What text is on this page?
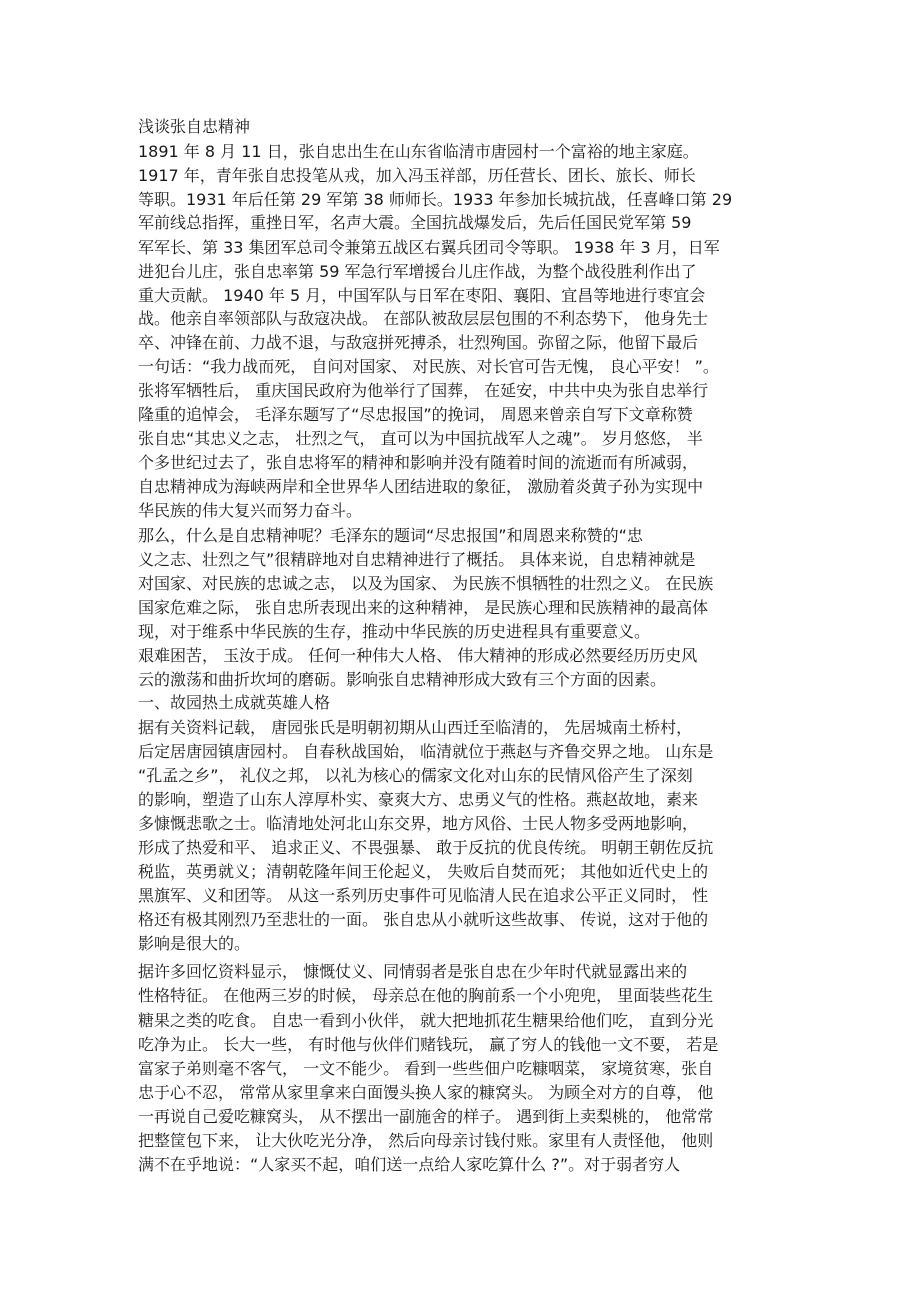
浅谈张自忠精神
1891 年 8 月 11 日，张自忠出生在山东省临清市唐园村一个富裕的地主家庭。
1917 年，青年张自忠投笔从戎，加入冯玉祥部，历任营长、团长、旅长、师长
等职。1931 年后任第 29 军第 38 师师长。1933 年参加长城抗战，任喜峰口第 29
军前线总指挥，重挫日军，名声大震。全国抗战爆发后，先后任国民党军第 59
军军长、第 33 集团军总司令兼第五战区右翼兵团司令等职。 1938 年 3 月，日军
进犯台儿庄，张自忠率第 59 军急行军增援台儿庄作战，为整个战役胜利作出了
重大贡献。 1940 年 5 月，中国军队与日军在枣阳、襄阳、宜昌等地进行枣宜会
战。他亲自率领部队与敌寇决战。 在部队被敌层层包围的不利态势下， 他身先士
卒、冲锋在前、力战不退，与敌寇拼死搏杀，壮烈殉国。弥留之际，他留下最后
一句话：“我力战而死， 自问对国家、 对民族、对长官可告无愧， 良心平安！ ”。
张将军牺牲后， 重庆国民政府为他举行了国葬， 在延安，中共中央为张自忠举行
隆重的追悼会， 毛泽东题写了“尽忠报国”的挽词， 周恩来曾亲自写下文章称赞
张自忠“其忠义之志， 壮烈之气， 直可以为中国抗战军人之魂”。 岁月悠悠， 半
个多世纪过去了，张自忠将军的精神和影响并没有随着时间的流逝而有所减弱，
自忠精神成为海峡两岸和全世界华人团结进取的象征， 激励着炎黄子孙为实现中
华民族的伟大复兴而努力奋斗。
那么，什么是自忠精神呢？毛泽东的题词“尽忠报国”和周恩来称赞的“忠
义之志、壮烈之气”很精辟地对自忠精神进行了概括。 具体来说，自忠精神就是
对国家、对民族的忠诚之志， 以及为国家、 为民族不惧牺牲的壮烈之义。 在民族
国家危难之际， 张自忠所表现出来的这种精神， 是民族心理和民族精神的最高体
现，对于维系中华民族的生存，推动中华民族的历史进程具有重要意义。
艰难困苦， 玉汝于成。 任何一种伟大人格、 伟大精神的形成必然要经历历史风
云的激荡和曲折坎坷的磨砺。影响张自忠精神形成大致有三个方面的因素。
一、故园热土成就英雄人格
据有关资料记载， 唐园张氏是明朝初期从山西迁至临清的， 先居城南土桥村，
后定居唐园镇唐园村。 自春秋战国始， 临清就位于燕赵与齐鲁交界之地。 山东是
“孔孟之乡”， 礼仪之邦， 以礼为核心的儒家文化对山东的民情风俗产生了深刻
的影响，塑造了山东人淳厚朴实、豪爽大方、忠勇义气的性格。燕赵故地，素来
多慷慨悲歌之士。临清地处河北山东交界，地方风俗、士民人物多受两地影响，
形成了热爱和平、 追求正义、不畏强暴、 敢于反抗的优良传统。 明朝王朝佐反抗
税监，英勇就义；清朝乾隆年间王伦起义， 失败后自焚而死； 其他如近代史上的
黑旗军、义和团等。 从这一系列历史事件可见临清人民在追求公平正义同时， 性
格还有极其刚烈乃至悲壮的一面。 张自忠从小就听这些故事、 传说，这对于他的
影响是很大的。
据许多回忆资料显示， 慷慨仗义、同情弱者是张自忠在少年时代就显露出来的
性格特征。 在他两三岁的时候， 母亲总在他的胸前系一个小兜兜， 里面装些花生
糖果之类的吃食。 自忠一看到小伙伴， 就大把地抓花生糖果给他们吃， 直到分光
吃净为止。 长大一些， 有时他与伙伴们赌钱玩， 赢了穷人的钱他一文不要， 若是
富家子弟则毫不客气， 一文不能少。 看到一些些佃户吃糠咽菜， 家境贫寒，张自
忠于心不忍， 常常从家里拿来白面馒头换人家的糠窝头。 为顾全对方的自尊， 他
一再说自己爱吃糠窝头， 从不摆出一副施舍的样子。 遇到街上卖梨桃的， 他常常
把整筐包下来， 让大伙吃光分净， 然后向母亲讨钱付账。家里有人责怪他， 他则
满不在乎地说：“人家买不起，咱们送一点给人家吃算什么 ?”。对于弱者穷人
